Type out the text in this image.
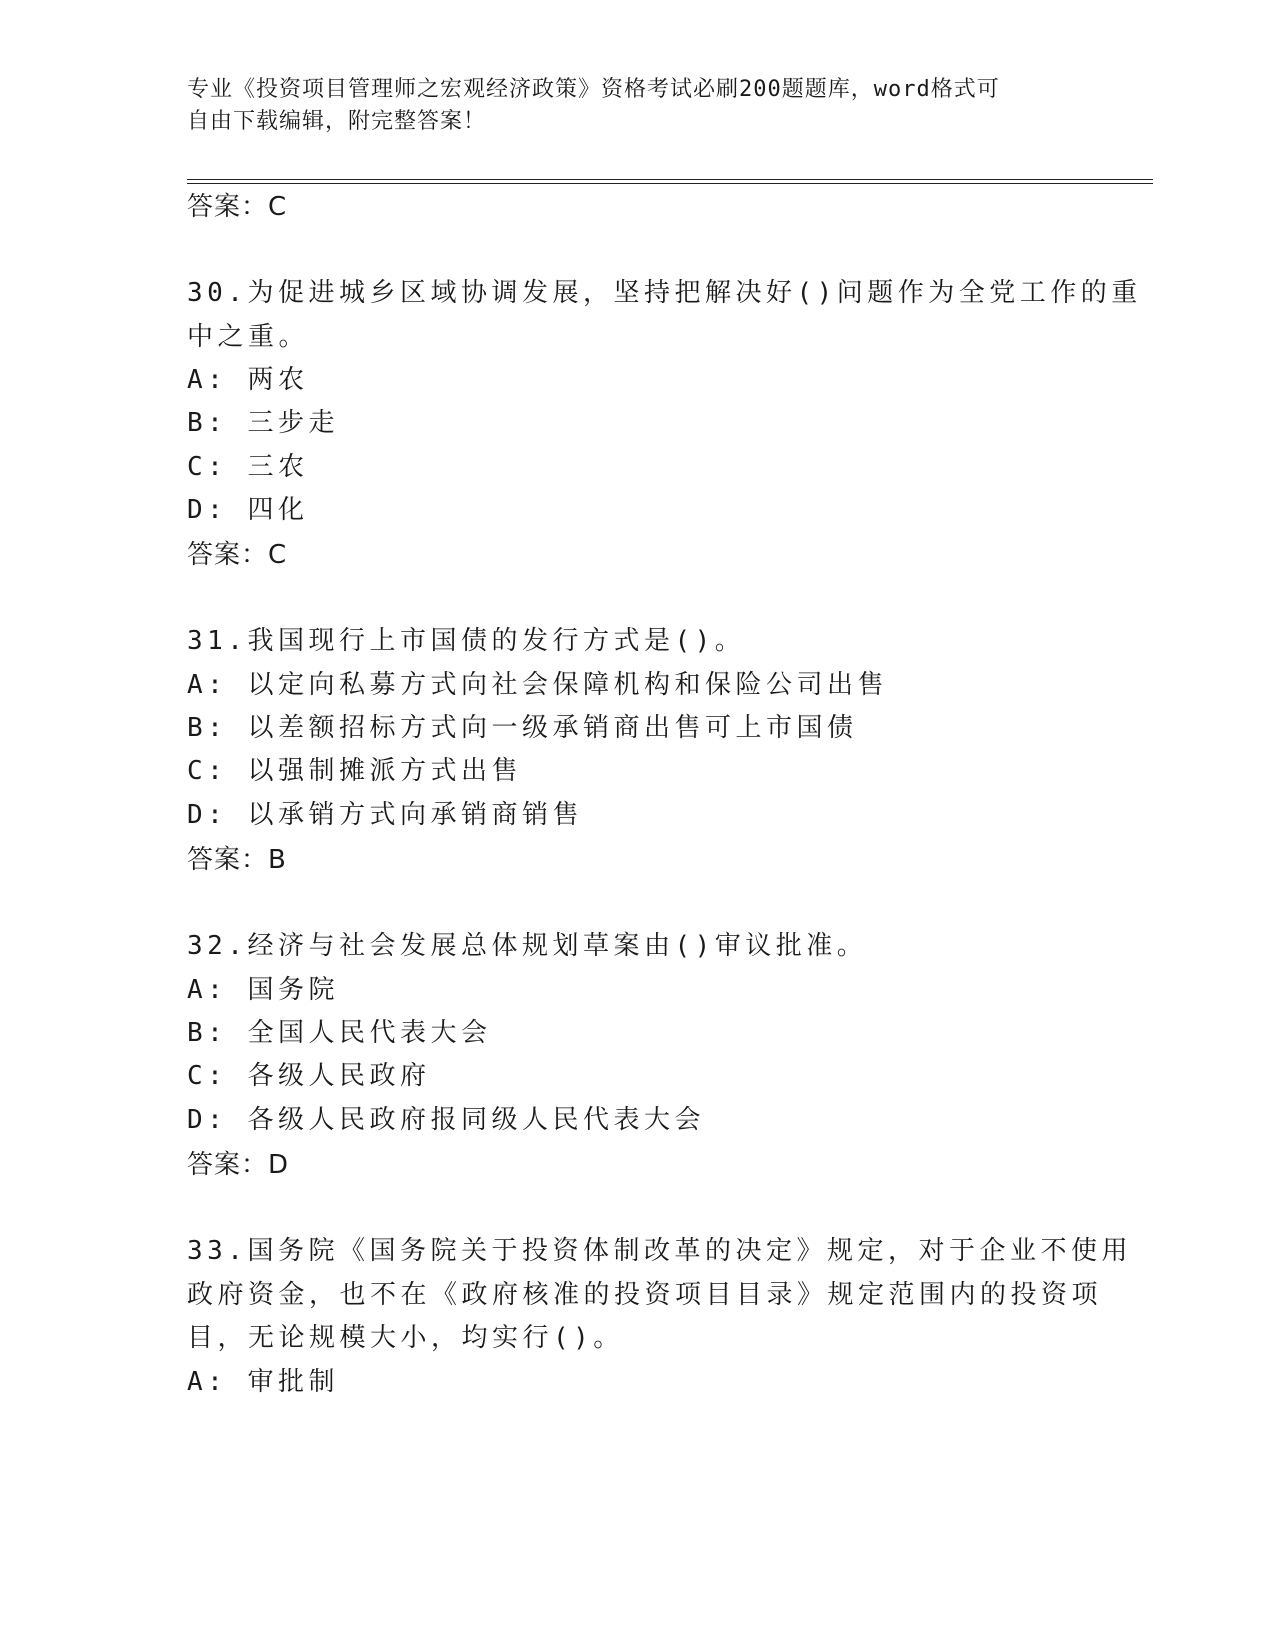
专业《投资项目管理师之宏观经济政策》资格考试必刷200题题库，word格式可
自由下载编辑，附完整答案！
答案：C
30.为促进城乡区域协调发展，坚持把解决好()问题作为全党工作的重
中之重。
A: 两农
B: 三步走
C: 三农
D: 四化
答案：C
31.我国现行上市国债的发行方式是()。
A: 以定向私募方式向社会保障机构和保险公司出售
B: 以差额招标方式向一级承销商出售可上市国债
C: 以强制摊派方式出售
D: 以承销方式向承销商销售
答案：B
32.经济与社会发展总体规划草案由()审议批准。
A: 国务院
B: 全国人民代表大会
C: 各级人民政府
D: 各级人民政府报同级人民代表大会
答案：D
33.国务院《国务院关于投资体制改革的决定》规定，对于企业不使用
政府资金，也不在《政府核准的投资项目目录》规定范围内的投资项
目，无论规模大小，均实行()。
A: 审批制
